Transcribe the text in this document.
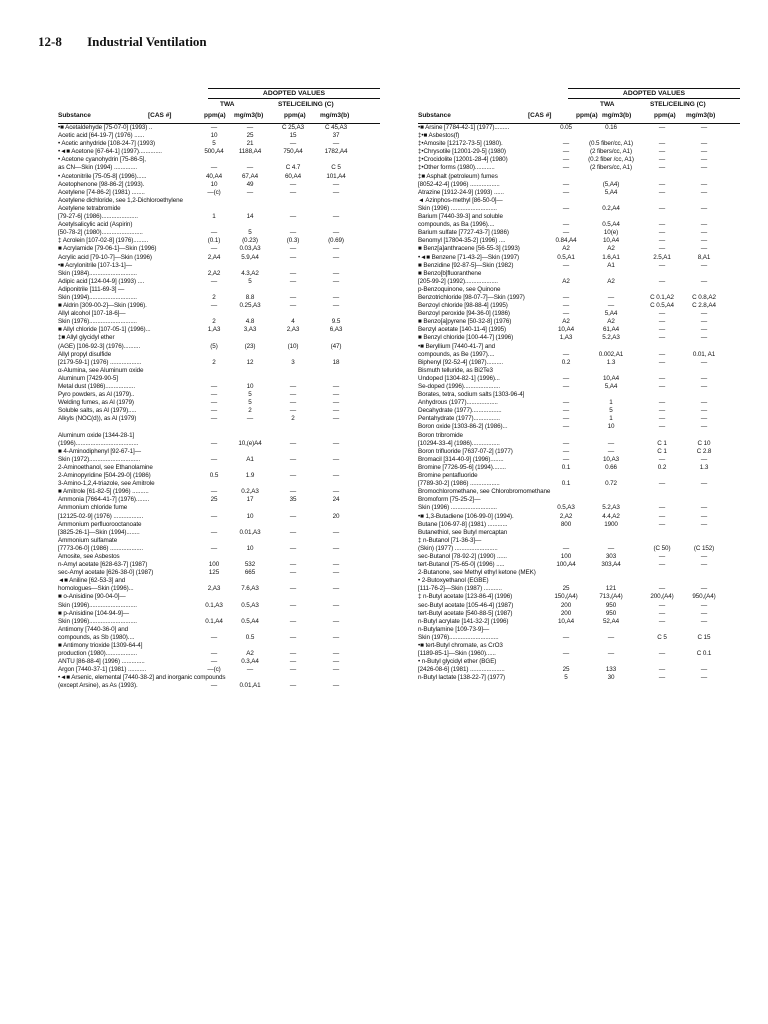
12-8 Industrial Ventilation
ADOPTED VALUES
TWA	STEL/CEILING (C)
Substance	[CAS #]	ppm(a) mg/m3(b)	ppm(a) mg/m3(b)
•■ Acetaldehyde [75-07-0] (1993) ..	—	—	C 25,A3	C 45,A3
Acetic acid [64-19-7] (1976) ......	10	25	15	37
• Acetic anhydride [108-24-7] (1993)	5	21	—	—
•◄■ Acetone [67-64-1] (1997)..............	500,A4	1188,A4	750,A4	1782,A4
• Acetone cyanohydrin [75-86-5],
as CN—Skin (1994) ..............	—	—	C 4.7	C 5
• Acetonitrile [75-05-8] (1996)......	40,A4	67,A4	60,A4	101,A4
Acetophenone [98-86-2] (1993).	10	49	—	—
Acetylene [74-86-2] (1981) ........	—(c)	—	—	—
Acetylene dichloride, see 1,2-Dichloroethylene
Acetylene tetrabromide
[79-27-6] (1986)......................	1	14	—	—
Acetylsalicylic acid (Aspirin)
[50-78-2] (1980).........................	—	5	—	—
‡ Acrolein [107-02-8] (1976).........	(0.1)	(0.23)	(0.3)	(0.69)
■ Acrylamide [79-06-1]—Skin (1996)	—	0.03,A3	—	—
Acrylic acid [79-10-7]—Skin (1996)	2,A4	5.9,A4	—	—
•■ Acrylonitrile [107-13-1]—
Skin (1984).............................	2,A2	4.3,A2	—	—
Adipic acid [124-04-9] (1993) ....	—	5	—	—
Adiponitrile [111-69-3] —
Skin (1994).............................	2	8.8	—	—
■ Aldrin [309-00-2]—Skin (1996).	—	0.25,A3	—	—
Allyl alcohol [107-18-6]—
Skin (1976).............................	2	4.8	4	9.5
■ Allyl chloride [107-05-1] (1996)...	1,A3	3,A3	2,A3	6,A3
‡■ Allyl glycidyl ether
(AGE) [106-92-3] (1976)..........	(5)	(23)	(10)	(47)
Allyl propyl disulfide
[2179-59-1] (1976) ...................	2	12	3	18
α-Alumina, see Aluminum oxide
Aluminum [7429-90-5]
Metal dust (1986)..................	—	10	—	—
Pyro powders, as Al (1979)..	—	5	—	—
Welding fumes, as Al (1979)	—	5	—	—
Soluble salts, as Al (1979).....	—	2	—	—
Alkyls (NOC(d)), as Al (1979)	—	—	2	—
Aluminum oxide [1344-28-1]
(1996)......................................	—	10,(e)A4	—	—
■ 4-Aminodiphenyl [92-67-1]—
Skin (1972)...............................	—	A1	—	—
2-Aminoethanol, see Ethanolamine
2-Aminopyridine [504-29-0] (1986)	0.5	1.9	—	—
3-Amino-1,2,4-triazole, see Amitrole
■ Amitrole [61-82-5] (1996) ..........	—	0.2,A3	—	—
Ammonia [7664-41-7] (1976)........	25	17	35	24
Ammonium chloride fume
[12125-02-9] (1976) ..................	—	10	—	20
Ammonium perfluorooctanoate
[3825-26-1]—Skin (1994)........	—	0.01,A3	—	—
Ammonium sulfamate
[7773-06-0] (1986) ....................	—	10	—	—
Amosite, see Asbestos
n-Amyl acetate [628-63-7] (1987)	100	532	—	—
sec-Amyl acetate [626-38-0] (1987)	125	665	—	—
◄■ Aniline [62-53-3] and
homologues—Skin (1996)...	2,A3	7.6,A3	—	—
■ o-Anisidine [90-04-0]—
Skin (1996).............................	0.1,A3	0.5,A3	—	—
■ p-Anisidine [104-94-9]—
Skin (1996).............................	0.1,A4	0.5,A4	—	—
Antimony [7440-36-0] and
compounds, as Sb (1980)....	—	0.5	—	—
■ Antimony trioxide [1309-64-4]
production (1980)...................	—	A2	—	—
ANTU [86-88-4] (1996) ..............	—	0.3,A4	—	—
Argon [7440-37-1] (1981) ...........	—(c)	—	—	—
•◄■ Arsenic, elemental [7440-38-2] and inorganic compounds
(except Arsine), as As (1993).	—	0.01,A1	—	—
ADOPTED VALUES
TWA	STEL/CEILING (C)
Substance	[CAS #]	ppm(a) mg/m3(b)	ppm(a) mg/m3(b)
•■ Arsine [7784-42-1] (1977).........	0.05	0.16	—	—
‡•■ Asbestos(f)
‡•Amosite [12172-73-5] (1980).	—	(0.5 fiber/cc, A1)	—	—
‡•Chrysotile [12001-29-5] (1980)	—	(2 fibers/cc, A1)	—	—
‡•Crocidolite [12001-28-4] (1980)	—	(0.2 fiber /cc, A1)	—	—
‡•Other forms (1980)............	—	(2 fibers/cc, A1)	—	—
‡■ Asphalt (petroleum) fumes
[8052-42-4] (1996) ..................	—	(5,A4)	—	—
Atrazine [1912-24-9] (1993) ......	—	5,A4	—	—
◄ Azinphos-methyl [86-50-0]—
Skin (1996) ............................	—	0.2,A4	—	—
Barium [7440-39-3] and soluble
compounds, as Ba (1996)....	—	0.5,A4	—	—
Barium sulfate [7727-43-7] (1986)	—	10(e)	—	—
Benomyl [17804-35-2] (1996) ....	0.84,A4	10,A4	—	—
■ Benz[a]anthracene [56-55-3] (1993)	A2	A2	—	—
•◄■ Benzene [71-43-2]—Skin (1997)	0.5,A1	1.6,A1	2.5,A1	8,A1
■ Benzidine [92-87-5]—Skin (1982)	—	A1	—	—
■ Benzo[b]fluoranthene
[205-99-2] (1992)....................	A2	A2	—	—
p-Benzoquinone, see Quinone
Benzotrichloride [98-07-7]—Skin (1997)	—	—	C 0.1,A2	C 0.8,A2
Benzoyl chloride [98-88-4] (1995)	—	—	C 0.5,A4	C 2.8,A4
Benzoyl peroxide [94-36-0] (1986)	—	5,A4	—	—
■ Benzo[a]pyrene [50-32-8] (1976)	A2	A2	—	—
Benzyl acetate [140-11-4] (1995)	10,A4	61,A4	—	—
■ Benzyl chloride [100-44-7] (1996)	1,A3	5.2,A3	—	—
•■ Beryllium [7440-41-7] and
compounds, as Be (1997)....	—	0.002,A1	—	0.01, A1
Biphenyl [92-52-4] (1987)..........	0.2	1.3	—	—
Bismuth telluride, as Bi2Te3
Undoped [1304-82-1] (1996)...	—	10,A4	—	—
Se-doped (1996)......................	—	5,A4	—	—
Borates, tetra, sodium salts [1303-96-4]
Anhydrous (1977)...................	—	1	—	—
Decahydrate (1977)..................	—	5	—	—
Pentahydrate (1977)................	—	1	—	—
Boron oxide [1303-86-2] (1986)...	—	10	—	—
Boron tribromide
[10294-33-4] (1986).................	—	—	C 1	C 10
Boron trifluoride [7637-07-2] (1977)	—	—	C 1	C 2.8
Bromacil [314-40-9] (1996)........	—	10,A3	—	—
Bromine [7726-95-6] (1994)........	0.1	0.66	0.2	1.3
Bromine pentafluoride
[7789-30-2] (1986) ..................	0.1	0.72	—	—
Bromochloromethane, see Chlorobromomethane
Bromoform [75-25-2]—
Skin (1996) ............................	0.5,A3	5.2,A3	—	—
•■ 1,3-Butadiene [106-99-0] (1994).	2,A2	4.4,A2	—	—
Butane [106-97-8] (1981) ............	800	1900	—	—
Butanethiol, see Butyl mercaptan
‡ n-Butanol [71-36-3]—
(Skin) (1977) ..........................	—	—	(C 50)	(C 152)
sec-Butanol [78-92-2] (1990) ......	100	303	—	—
tert-Butanol [75-65-0] (1996) .....	100,A4	303,A4	—	—
2-Butanone, see Methyl ethyl ketone (MEK)
• 2-Butoxyethanol (EGBE)
[111-76-2]—Skin (1987) ...........	25	121	—	—
‡ n-Butyl acetate [123-86-4] (1996)	150,(A4)	713,(A4)	200,(A4)	950,(A4)
sec-Butyl acetate [105-46-4] (1987)	200	950	—	—
tert-Butyl acetate [540-88-5] (1987)	200	950	—	—
n-Butyl acrylate [141-32-2] (1996)	10,A4	52,A4	—	—
n-Butylamine [109-73-9]—
Skin (1976)..............................	—	—	C 5	C 15
•■ tert-Butyl chromate, as CrO3
[1189-85-1]—Skin (1960)......	—	—	—	C 0.1
• n-Butyl glycidyl ether (BGE)
[2426-08-6] (1981) .....................	25	133	—	—
n-Butyl lactate [138-22-7] (1977)	5	30	—	—
